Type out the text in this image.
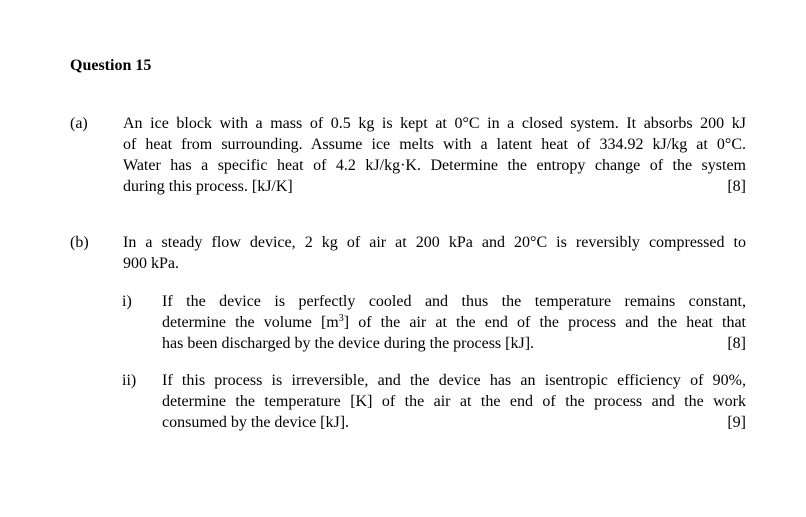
Question 15
(a) An ice block with a mass of 0.5 kg is kept at 0°C in a closed system. It absorbs 200 kJ
of heat from surrounding. Assume ice melts with a latent heat of 334.92 kJ/kg at 0°C.
Water has a specific heat of 4.2 kJ/kg·K. Determine the entropy change of the system
during this process. [kJ/K]	[8]
(b) In a steady flow device, 2 kg of air at 200 kPa and 20°C is reversibly compressed to
900 kPa.
i)	If the device is perfectly cooled and thus the temperature remains constant,
determine the volume $[m^3]$ of the air at the end of the process and the heat that
has been discharged by the device during the process [kJ].	[8]
ii)	If this process is irreversible, and the device has an isentropic efficiency of 90%,
determine the temperature [K] of the air at the end of the process and the work
consumed by the device [kJ].	[9]
